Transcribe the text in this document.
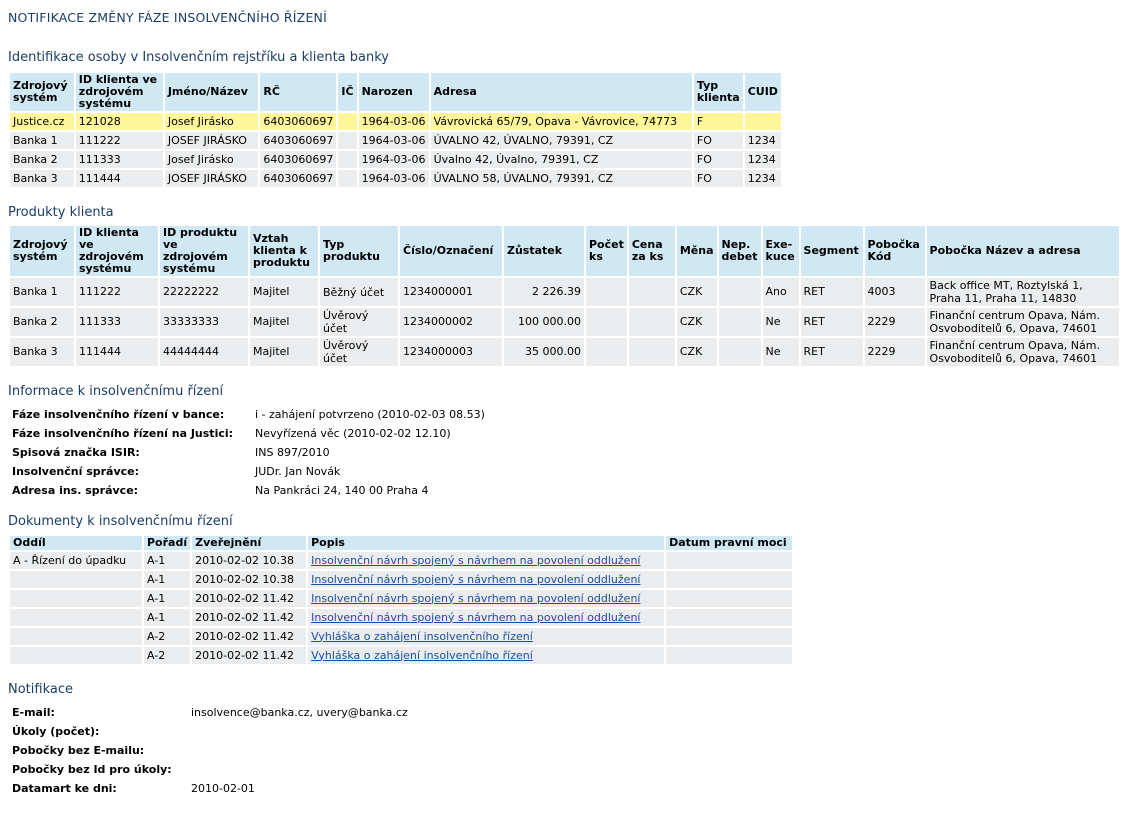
NOTIFIKACE ZMĚNY FÁZE INSOLVENČNÍHO ŘÍZENÍ
Identifikace osoby v Insolvenčním rejstříku a klienta banky
Zdrojový systém	ID klienta ve zdrojovém systému	Jméno/Název	RČ	IČ	Narozen	Adresa	Typ klienta	CUID
Justice.cz	121028	Josef Jirásko	6403060697		1964-03-06	Vávrovická 65/79, Opava - Vávrovice, 74773	F	
Banka 1	111222	JOSEF JIRÁSKO	6403060697		1964-03-06	ÚVALNO 42, ÚVALNO, 79391, CZ	FO	1234
Banka 2	111333	Josef Jirásko	6403060697		1964-03-06	Úvalno 42, Úvalno, 79391, CZ	FO	1234
Banka 3	111444	JOSEF JIRÁSKO	6403060697		1964-03-06	ÚVALNO 58, ÚVALNO, 79391, CZ	FO	1234
Produkty klienta
Zdrojový systém	ID klienta ve zdrojovém systému	ID produktu ve zdrojovém systému	Vztah klienta k produktu	Typ produktu	Číslo/Označení	Zůstatek	Počet ks	Cena za ks	Měna	Nep. debet	Exe-kuce	Segment	Pobočka Kód	Pobočka Název a adresa
Banka 1	111222	22222222	Majitel	Běžný účet	1234000001	2 226.39			CZK		Ano	RET	4003	Back office MT, Roztylská 1, Praha 11, Praha 11, 14830
Banka 2	111333	33333333	Majitel	Úvěrový účet	1234000002	100 000.00			CZK		Ne	RET	2229	Finanční centrum Opava, Nám. Osvoboditelů 6, Opava, 74601
Banka 3	111444	44444444	Majitel	Úvěrový účet	1234000003	35 000.00			CZK		Ne	RET	2229	Finanční centrum Opava, Nám. Osvoboditelů 6, Opava, 74601
Informace k insolvenčnímu řízení
Fáze insolvenčního řízení v bance:	i - zahájení potvrzeno (2010-02-03 08.53)
Fáze insolvenčního řízení na Justici:	Nevyřízená věc (2010-02-02 12.10)
Spisová značka ISIR:	INS 897/2010
Insolvenční správce:	JUDr. Jan Novák
Adresa ins. správce:	Na Pankráci 24, 140 00 Praha 4
Dokumenty k insolvenčnímu řízení
Oddíl	Pořadí	Zveřejnění	Popis	Datum pravní moci
A - Řízení do úpadku	A-1	2010-02-02 10.38	Insolvenční návrh spojený s návrhem na povolení oddlužení	
	A-1	2010-02-02 10.38	Insolvenční návrh spojený s návrhem na povolení oddlužení	
	A-1	2010-02-02 11.42	Insolvenční návrh spojený s návrhem na povolení oddlužení	
	A-1	2010-02-02 11.42	Insolvenční návrh spojený s návrhem na povolení oddlužení	
	A-2	2010-02-02 11.42	Vyhláška o zahájení insolvenčního řízení	
	A-2	2010-02-02 11.42	Vyhláška o zahájení insolvenčního řízení	
Notifikace
E-mail:	insolvence@banka.cz, uvery@banka.cz
Úkoly (počet):	
Pobočky bez E-mailu:	
Pobočky bez Id pro úkoly:	
Datamart ke dni:	2010-02-01
